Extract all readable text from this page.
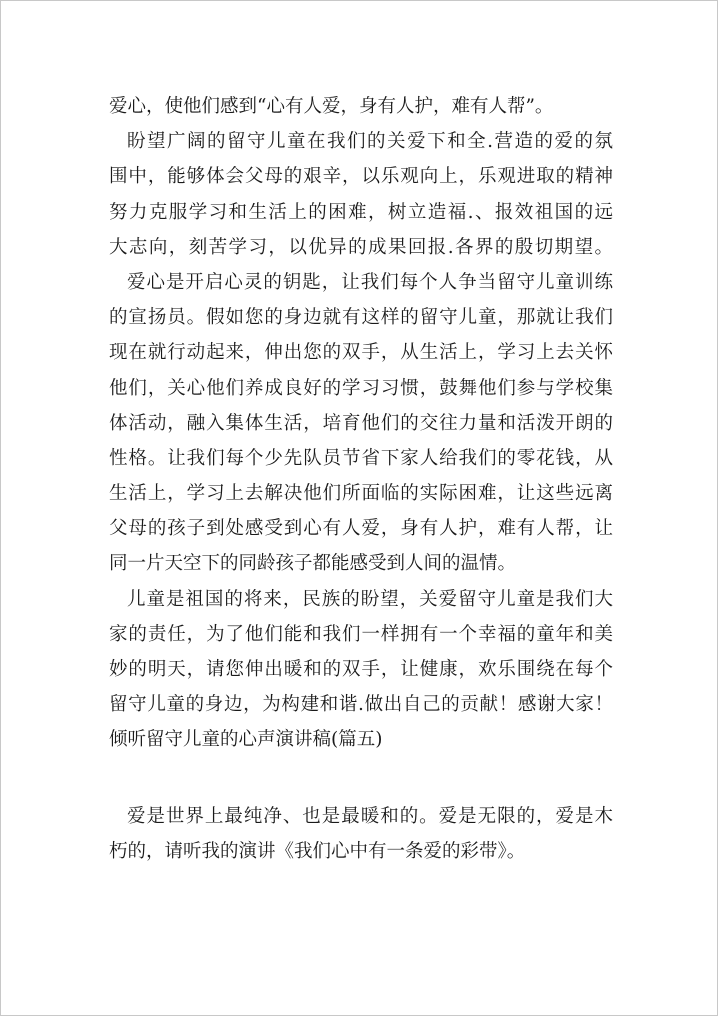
爱心，使他们感到“心有人爱，身有人护，难有人帮”。
盼望广阔的留守儿童在我们的关爱下和全.营造的爱的氛
围中，能够体会父母的艰辛，以乐观向上，乐观进取的精神
努力克服学习和生活上的困难，树立造福.、报效祖国的远
大志向，刻苦学习，以优异的成果回报.各界的殷切期望。
爱心是开启心灵的钥匙，让我们每个人争当留守儿童训练
的宣扬员。假如您的身边就有这样的留守儿童，那就让我们
现在就行动起来，伸出您的双手，从生活上，学习上去关怀
他们，关心他们养成良好的学习习惯，鼓舞他们参与学校集
体活动，融入集体生活，培育他们的交往力量和活泼开朗的
性格。让我们每个少先队员节省下家人给我们的零花钱，从
生活上，学习上去解决他们所面临的实际困难，让这些远离
父母的孩子到处感受到心有人爱，身有人护，难有人帮，让
同一片天空下的同龄孩子都能感受到人间的温情。
儿童是祖国的将来，民族的盼望，关爱留守儿童是我们大
家的责任，为了他们能和我们一样拥有一个幸福的童年和美
妙的明天，请您伸出暖和的双手，让健康，欢乐围绕在每个
留守儿童的身边，为构建和谐.做出自己的贡献！感谢大家！
倾听留守儿童的心声演讲稿(篇五)
爱是世界上最纯净、也是最暖和的。爱是无限的，爱是木
朽的，请听我的演讲《我们心中有一条爱的彩带》。
